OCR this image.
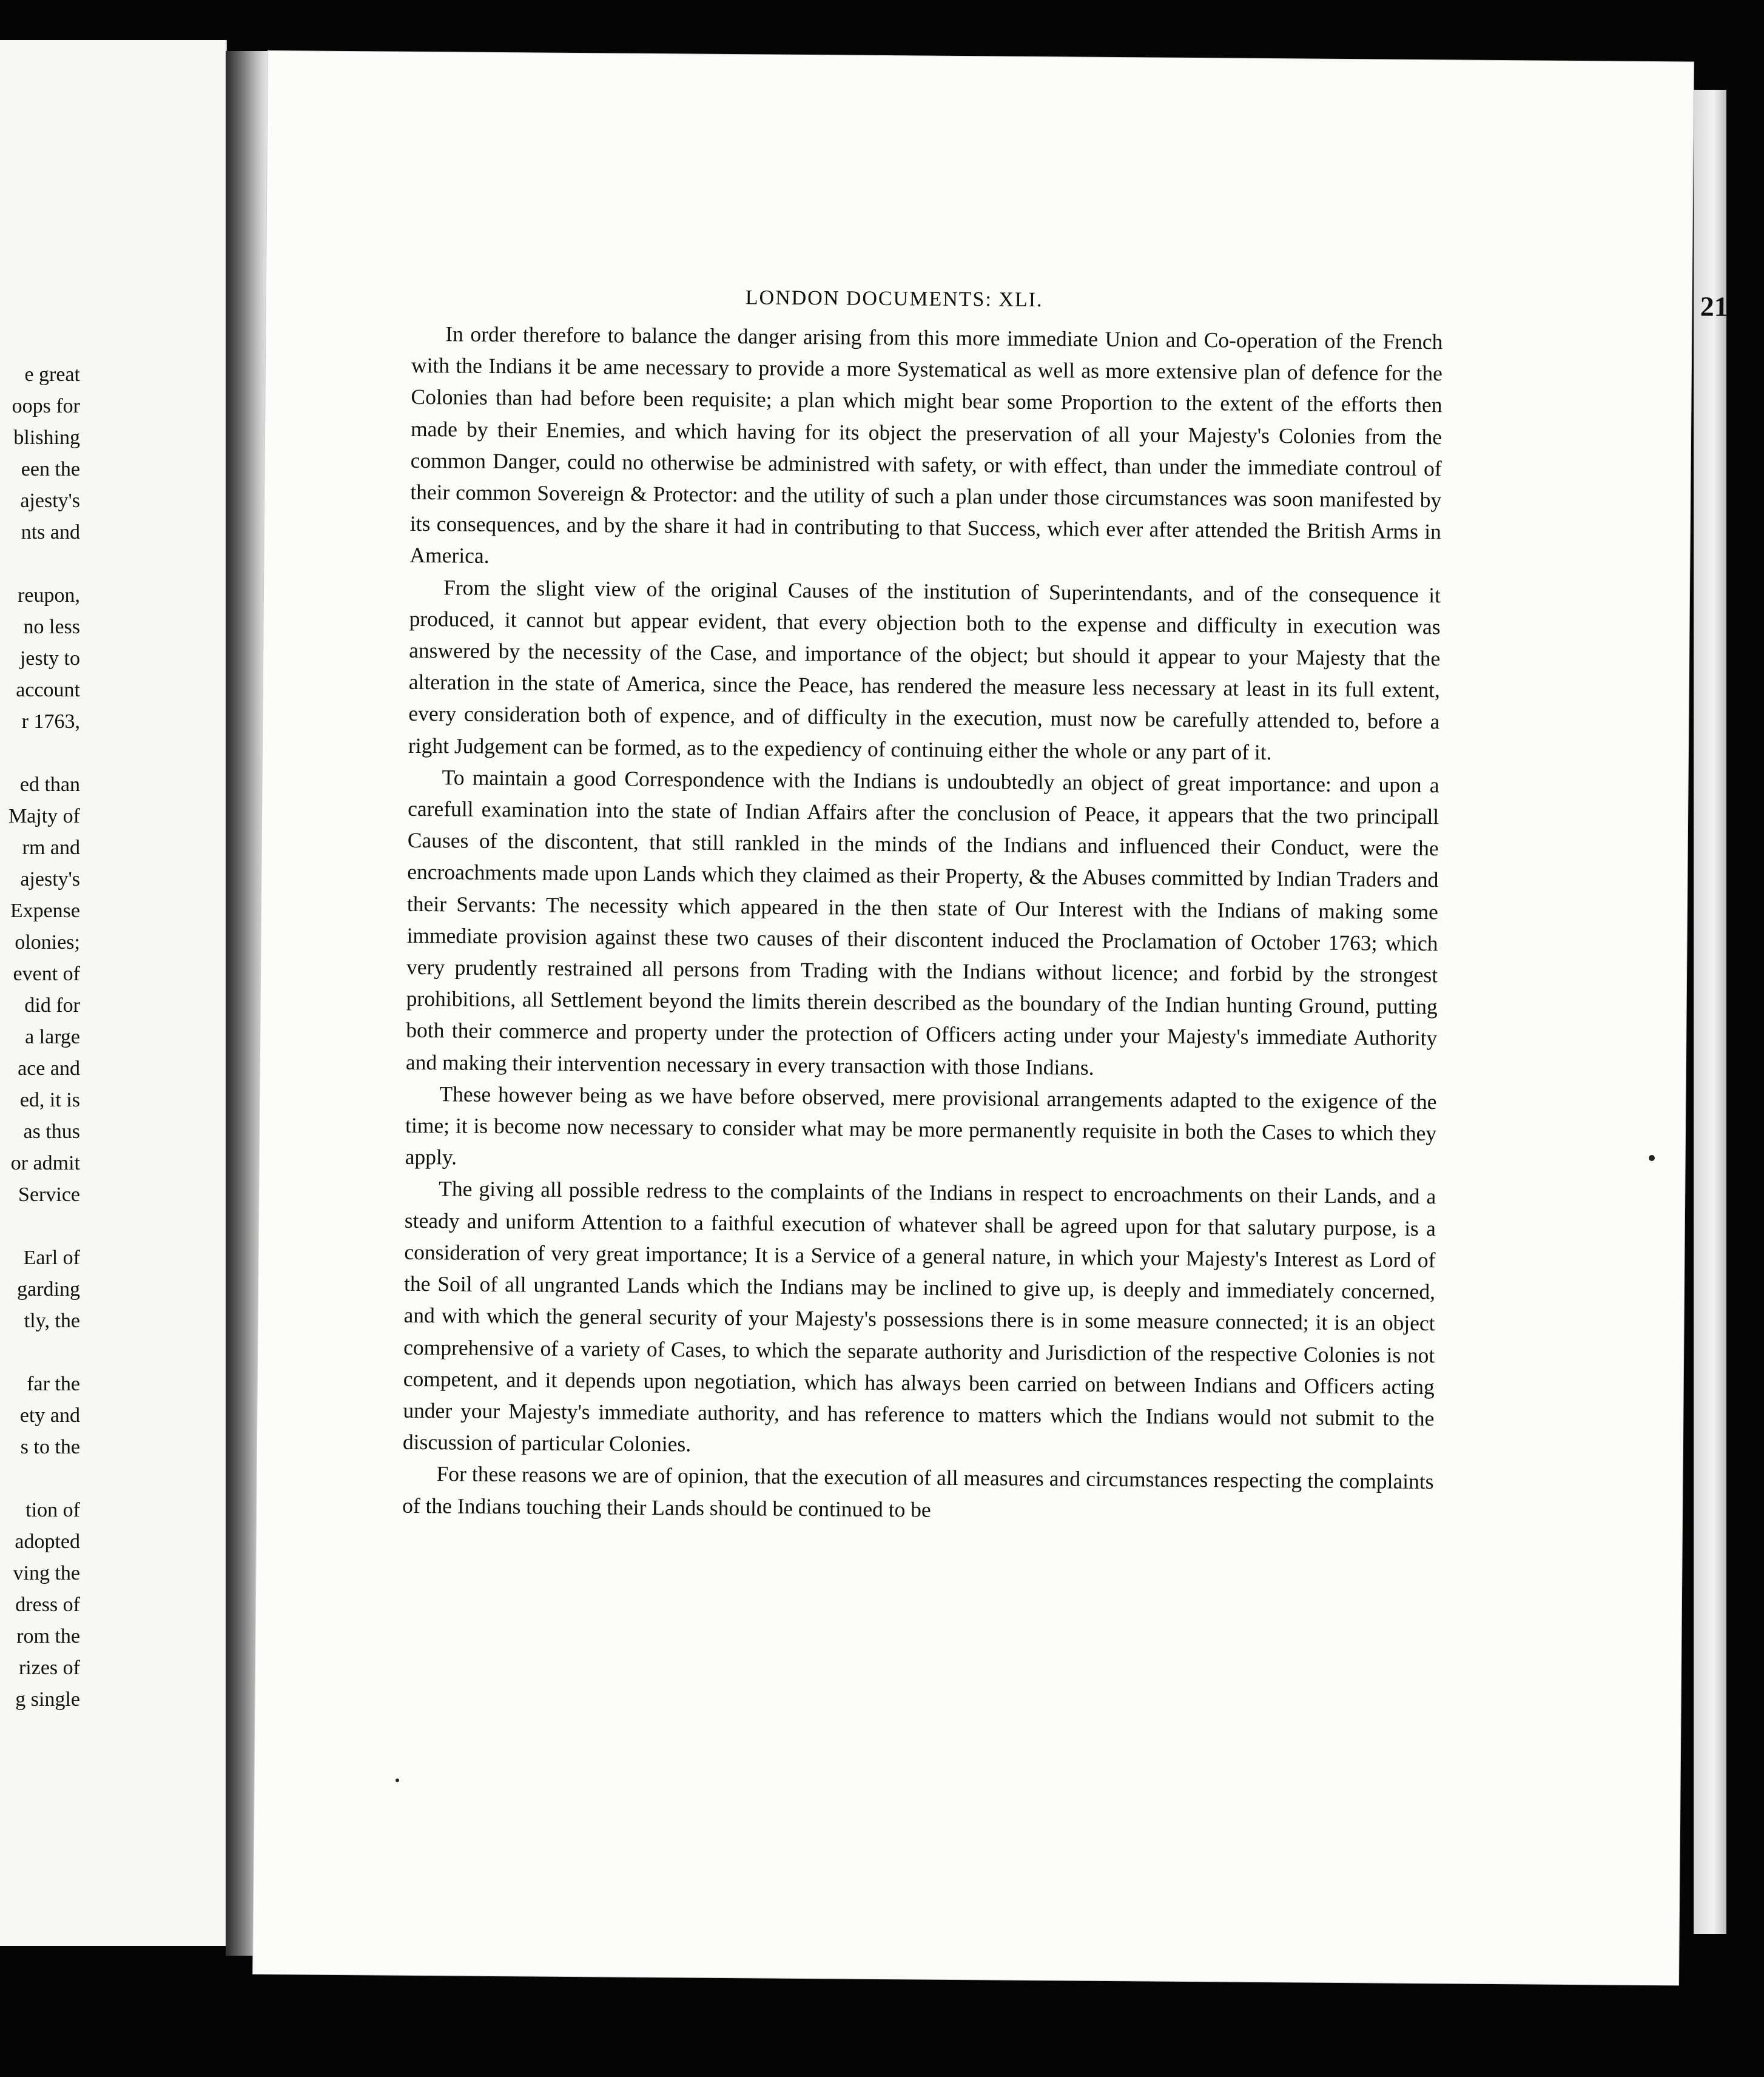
e great
oops for
blishing
een the
ajesty's
nts and
reupon,
no less
jesty to
account
r 1763,
ed than
Majty of
rm and
ajesty's
Expense
olonies;
event of
did for
a large
ace and
ed, it is
as thus
or admit
Service
Earl of
garding
tly, the
far the
ety and
s to the
tion of
adopted
ving the
dress of
rom the
rizes of
g single
LONDON DOCUMENTS: XLI.	21

In order therefore to balance the danger arising from this more immediate Union and Co-operation of the French with the Indians it be ame necessary to provide a more Systematical as well as more extensive plan of defence for the Colonies than had before been requisite; a plan which might bear some Proportion to the extent of the efforts then made by their Enemies, and which having for its object the preservation of all your Majesty's Colonies from the common Danger, could no otherwise be administred with safety, or with effect, than under the immediate controul of their common Sovereign & Protector: and the utility of such a plan under those circumstances was soon manifested by its consequences, and by the share it had in contributing to that Success, which ever after attended the British Arms in America.

From the slight view of the original Causes of the institution of Superintendants, and of the consequence it produced, it cannot but appear evident, that every objection both to the expense and difficulty in execution was answered by the necessity of the Case, and importance of the object; but should it appear to your Majesty that the alteration in the state of America, since the Peace, has rendered the measure less necessary at least in its full extent, every consideration both of expence, and of difficulty in the execution, must now be carefully attended to, before a right Judgement can be formed, as to the expediency of continuing either the whole or any part of it.

To maintain a good Correspondence with the Indians is undoubtedly an object of great importance: and upon a carefull examination into the state of Indian Affairs after the conclusion of Peace, it appears that the two principall Causes of the discontent, that still rankled in the minds of the Indians and influenced their Conduct, were the encroachments made upon Lands which they claimed as their Property, & the Abuses committed by Indian Traders and their Servants: The necessity which appeared in the then state of Our Interest with the Indians of making some immediate provision against these two causes of their discontent induced the Proclamation of October 1763; which very prudently restrained all persons from Trading with the Indians without licence; and forbid by the strongest prohibitions, all Settlement beyond the limits therein described as the boundary of the Indian hunting Ground, putting both their commerce and property under the protection of Officers acting under your Majesty's immediate Authority and making their intervention necessary in every transaction with those Indians.

These however being as we have before observed, mere provisional arrangements adapted to the exigence of the time; it is become now necessary to consider what may be more permanently requisite in both the Cases to which they apply.

The giving all possible redress to the complaints of the Indians in respect to encroachments on their Lands, and a steady and uniform Attention to a faithful execution of whatever shall be agreed upon for that salutary purpose, is a consideration of very great importance; It is a Service of a general nature, in which your Majesty's Interest as Lord of the Soil of all ungranted Lands which the Indians may be inclined to give up, is deeply and immediately concerned, and with which the general security of your Majesty's possessions there is in some measure connected; it is an object comprehensive of a variety of Cases, to which the separate authority and Jurisdiction of the respective Colonies is not competent, and it depends upon negotiation, which has always been carried on between Indians and Officers acting under your Majesty's immediate authority, and has reference to matters which the Indians would not submit to the discussion of particular Colonies.

For these reasons we are of opinion, that the execution of all measures and circumstances respecting the complaints of the Indians touching their Lands should be continued to be
